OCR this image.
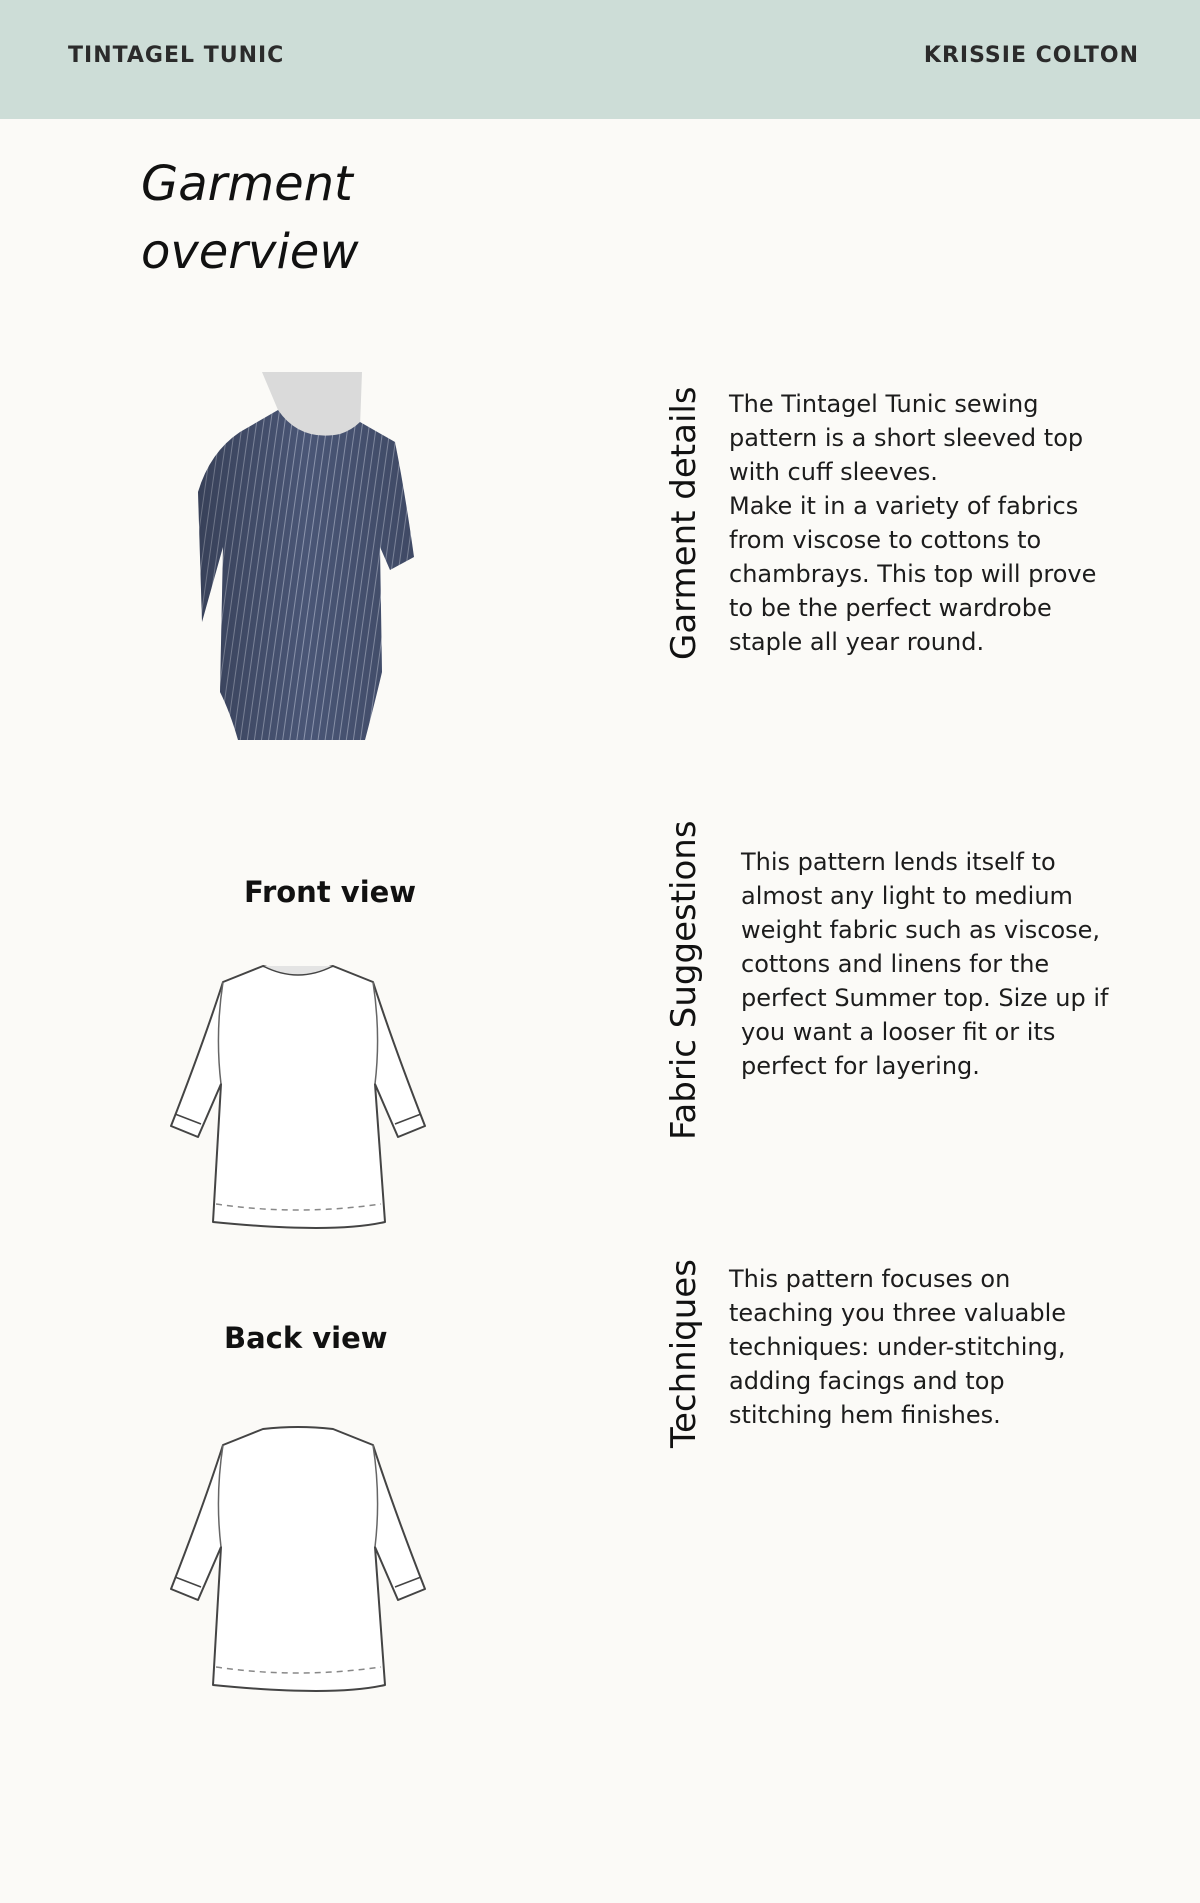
TINTAGEL TUNIC	KRISSIE COLTON
Garment overview
Front view
Back view
Garment details The Tintagel Tunic sewing pattern is a short sleeved top with cuff sleeves.
Make it in a variety of fabrics from viscose to cottons to chambrays. This top will prove to be the perfect wardrobe staple all year round.
Fabric Suggestions This pattern lends itself to almost any light to medium weight fabric such as viscose, cottons and linens for the perfect Summer top. Size up if you want a looser fit or its perfect for layering.
Techniques This pattern focuses on teaching you three valuable techniques: under-stitching, adding facings and top stitching hem finishes.
